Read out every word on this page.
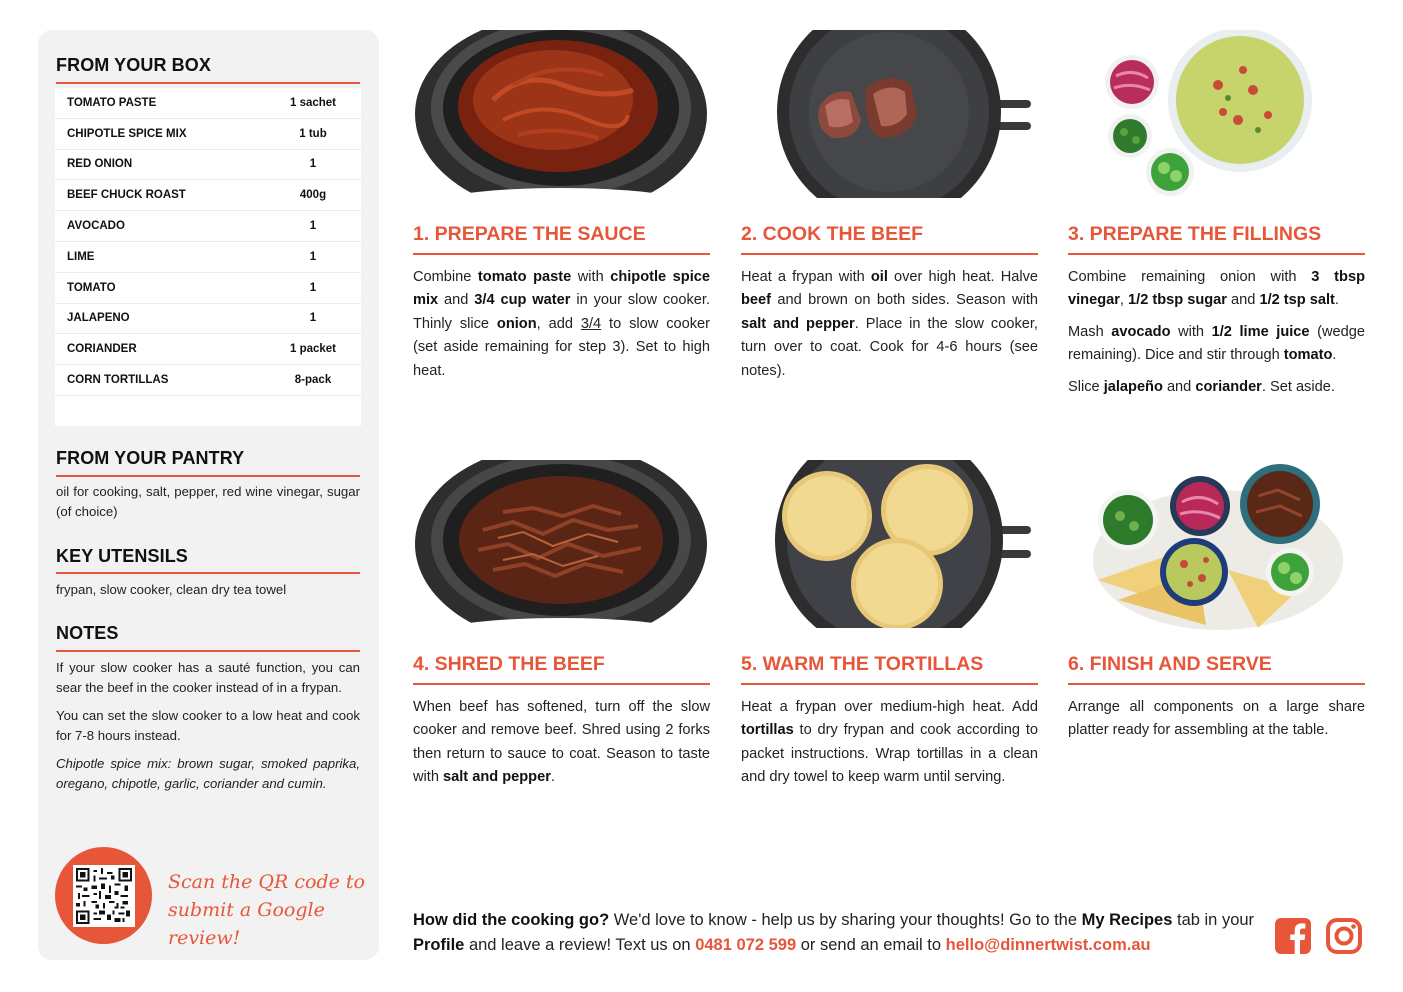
FROM YOUR BOX
TOMATO PASTE	1 sachet
CHIPOTLE SPICE MIX	1 tub
RED ONION	1
BEEF CHUCK ROAST	400g
AVOCADO	1
LIME	1
TOMATO	1
JALAPENO	1
CORIANDER	1 packet
CORN TORTILLAS	8-pack
FROM YOUR PANTRY

oil for cooking, salt, pepper, red wine vinegar, sugar (of choice)

KEY UTENSILS

frypan, slow cooker, clean dry tea towel

NOTES

If your slow cooker has a sauté function, you can sear the beef in the cooker instead of in a frypan.

You can set the slow cooker to a low heat and cook for 7-8 hours instead.

Chipotle spice mix: brown sugar, smoked paprika, oregano, chipotle, garlic, coriander and cumin.

Scan the QR code to
submit a Google review!
1. PREPARE THE SAUCE	2. COOK THE BEEF	3. PREPARE THE FILLINGS
4. SHRED THE BEEF	5. WARM THE TORTILLAS	6. FINISH AND SERVE

Combine tomato paste with chipotle spice mix and 3/4 cup water in your slow cooker. Thinly slice onion, add 3/4 to slow cooker (set aside remaining for step 3). Set to high heat.

Heat a frypan with oil over high heat. Halve beef and brown on both sides. Season with salt and pepper. Place in the slow cooker, turn over to coat. Cook for 4-6 hours (see notes).

Combine remaining onion with 3 tbsp vinegar, 1/2 tbsp sugar and 1/2 tsp salt.

Mash avocado with 1/2 lime juice (wedge remaining). Dice and stir through tomato.

Slice jalapeño and coriander. Set aside.

When beef has softened, turn off the slow cooker and remove beef. Shred using 2 forks then return to sauce to coat. Season to taste with salt and pepper.

Heat a frypan over medium-high heat. Add tortillas to dry frypan and cook according to packet instructions. Wrap tortillas in a clean and dry towel to keep warm until serving.

Arrange all components on a large share platter ready for assembling at the table.

How did the cooking go? We'd love to know - help us by sharing your thoughts! Go to the My Recipes tab in your Profile and leave a review! Text us on 0481 072 599 or send an email to hello@dinnertwist.com.au
